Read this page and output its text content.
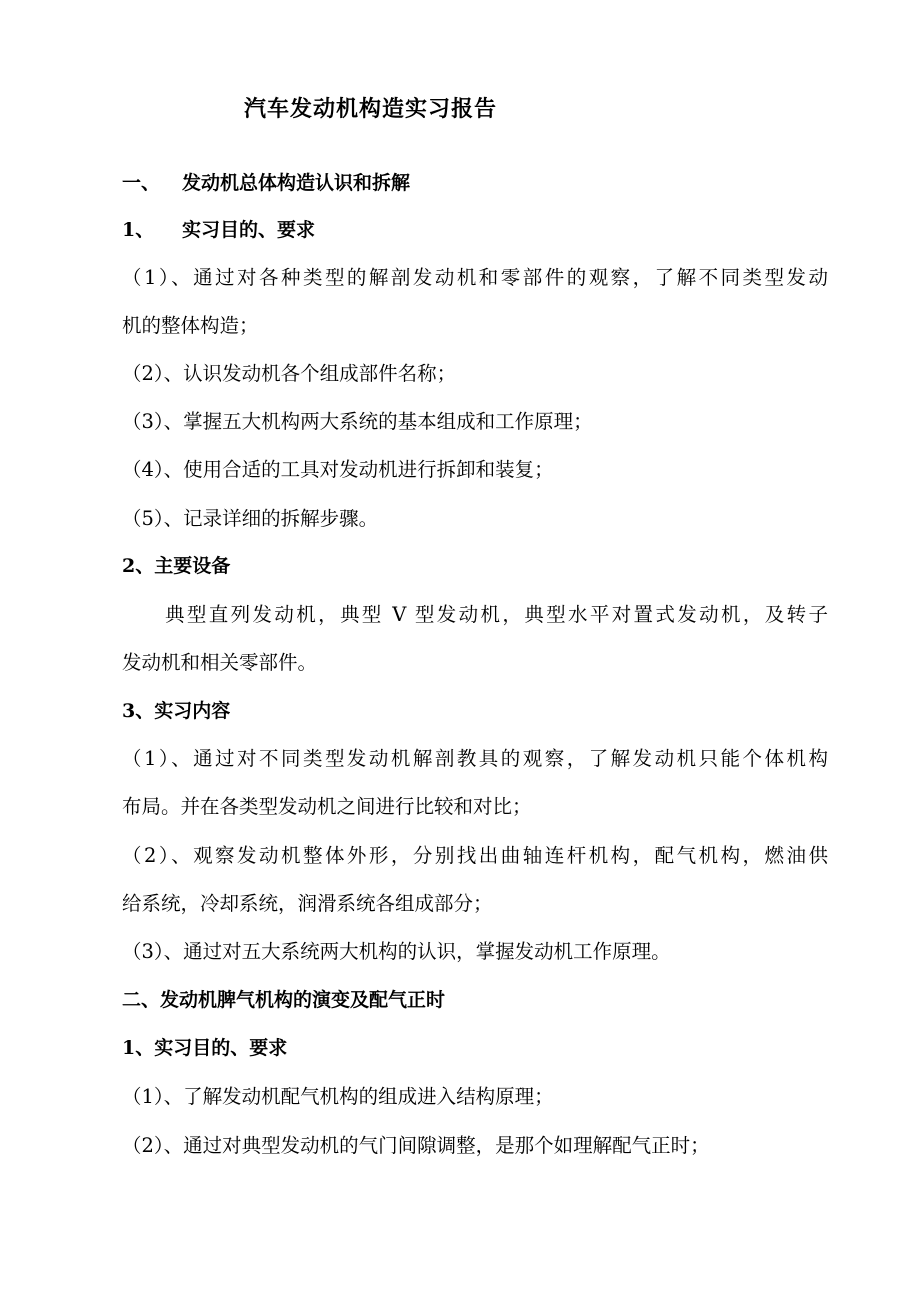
汽车发动机构造实习报告
一、 发动机总体构造认识和拆解
1、 实习目的、要求
（1）、通过对各种类型的解剖发动机和零部件的观察，了解不同类型发动
机的整体构造；
（2）、认识发动机各个组成部件名称；
（3）、掌握五大机构两大系统的基本组成和工作原理；
（4）、使用合适的工具对发动机进行拆卸和装复；
（5）、记录详细的拆解步骤。
2、主要设备
典型直列发动机，典型 V 型发动机，典型水平对置式发动机，及转子
发动机和相关零部件。
3、实习内容
（1）、通过对不同类型发动机解剖教具的观察，了解发动机只能个体机构
布局。并在各类型发动机之间进行比较和对比；
（2）、观察发动机整体外形，分别找出曲轴连杆机构，配气机构，燃油供
给系统，冷却系统，润滑系统各组成部分；
（3）、通过对五大系统两大机构的认识，掌握发动机工作原理。
二、发动机脾气机构的演变及配气正时
1、实习目的、要求
（1）、了解发动机配气机构的组成进入结构原理；
（2）、通过对典型发动机的气门间隙调整，是那个如理解配气正时；
